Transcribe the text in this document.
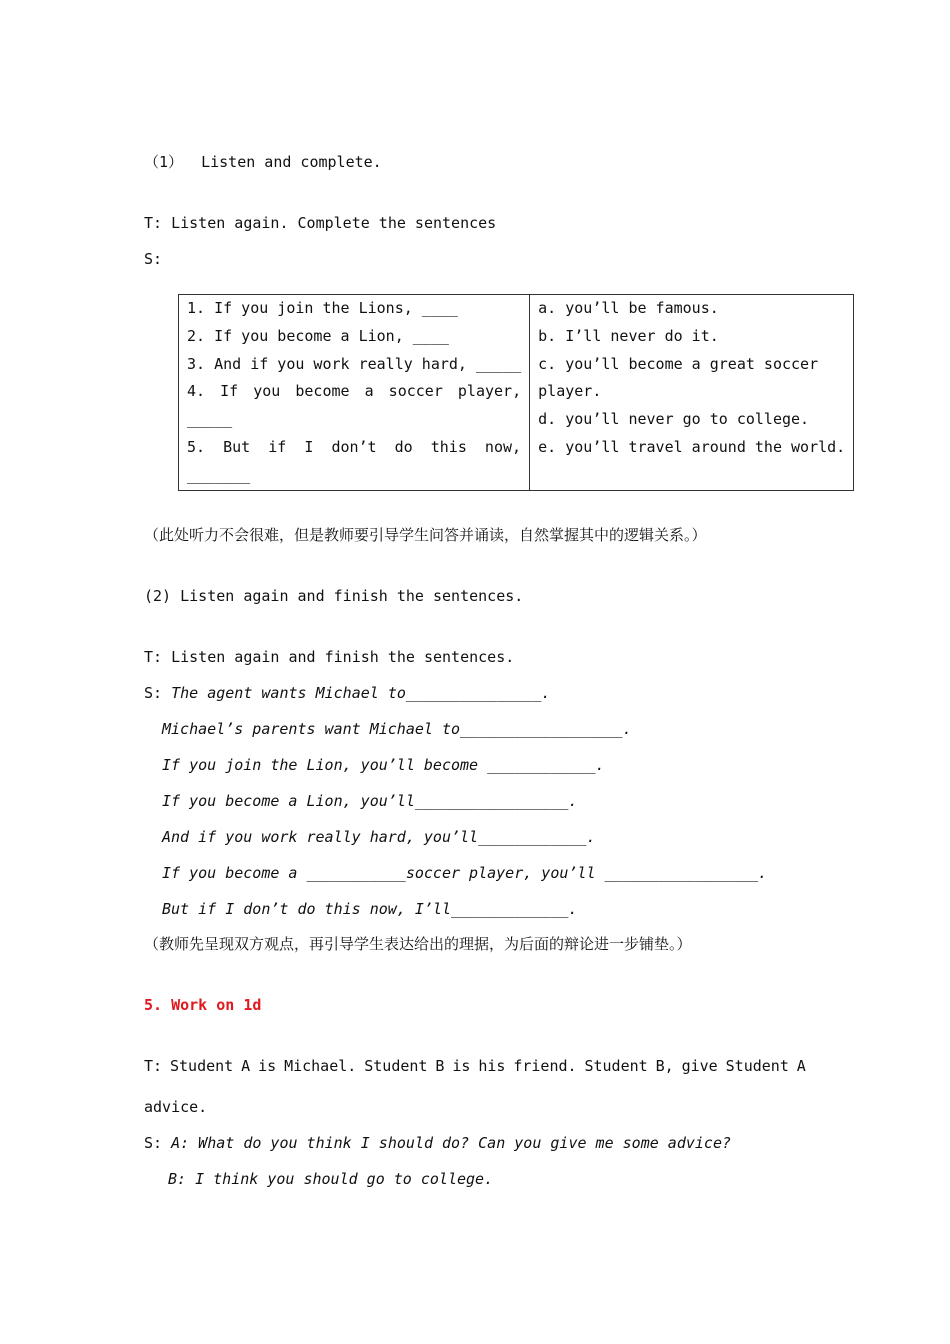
（1）  Listen and complete.
T: Listen again. Complete the sentences
S:
1. If you join the Lions, ____
2. If you become a Lion, ____
3. And if you work really hard, _____
4. If you become a soccer player,
_____
5. But if I don’t do this now,
_______

a. you’ll be famous.
b. I’ll never do it.
c. you’ll become a great soccer
player.
d. you’ll never go to college.
e. you’ll travel around the world.
（此处听力不会很难，但是教师要引导学生问答并诵读，自然掌握其中的逻辑关系。）
(2) Listen again and finish the sentences.
T: Listen again and finish the sentences.
S: The agent wants Michael to_______________.
Michael’s parents want Michael to__________________.
If you join the Lion, you’ll become ____________.
If you become a Lion, you’ll_________________.
And if you work really hard, you’ll____________.
If you become a ___________soccer player, you’ll _________________.
But if I don’t do this now, I’ll_____________.
（教师先呈现双方观点，再引导学生表达给出的理据，为后面的辩论进一步铺垫。）
5. Work on 1d
T: Student A is Michael. Student B is his friend. Student B, give Student A
advice.
S: A: What do you think I should do? Can you give me some advice?
B: I think you should go to college.
